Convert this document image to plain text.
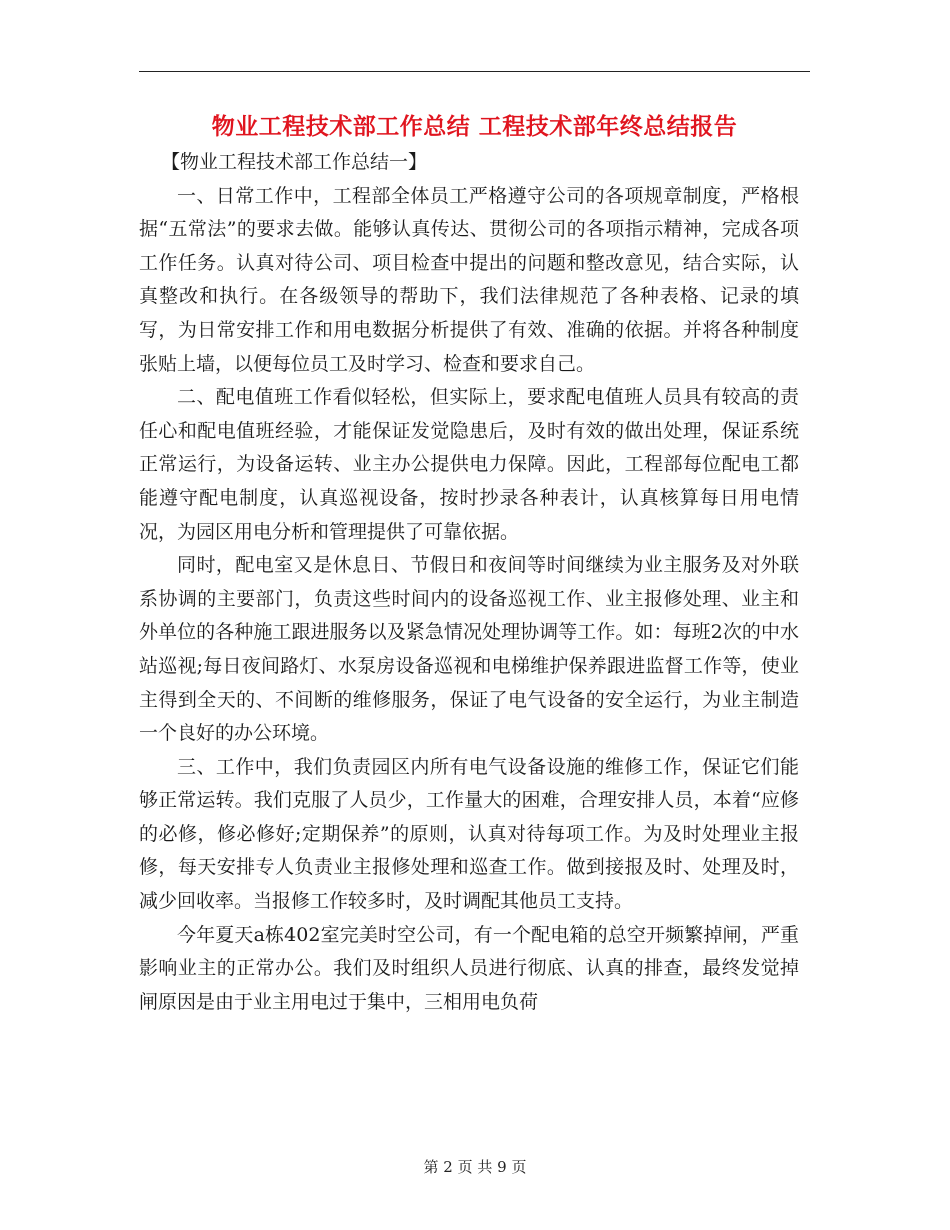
物业工程技术部工作总结 工程技术部年终总结报告

【物业工程技术部工作总结一】

一、日常工作中，工程部全体员工严格遵守公司的各项规章制度，严格根据“五常法”的要求去做。能够认真传达、贯彻公司的各项指示精神，完成各项工作任务。认真对待公司、项目检查中提出的问题和整改意见，结合实际，认真整改和执行。在各级领导的帮助下，我们法律规范了各种表格、记录的填写，为日常安排工作和用电数据分析提供了有效、准确的依据。并将各种制度张贴上墙，以便每位员工及时学习、检查和要求自己。

二、配电值班工作看似轻松，但实际上，要求配电值班人员具有较高的责任心和配电值班经验，才能保证发觉隐患后，及时有效的做出处理，保证系统正常运行，为设备运转、业主办公提供电力保障。因此，工程部每位配电工都能遵守配电制度，认真巡视设备，按时抄录各种表计，认真核算每日用电情况，为园区用电分析和管理提供了可靠依据。

同时，配电室又是休息日、节假日和夜间等时间继续为业主服务及对外联系协调的主要部门，负责这些时间内的设备巡视工作、业主报修处理、业主和外单位的各种施工跟进服务以及紧急情况处理协调等工作。如：每班2次的中水站巡视;每日夜间路灯、水泵房设备巡视和电梯维护保养跟进监督工作等，使业主得到全天的、不间断的维修服务，保证了电气设备的安全运行，为业主制造一个良好的办公环境。

三、工作中，我们负责园区内所有电气设备设施的维修工作，保证它们能够正常运转。我们克服了人员少，工作量大的困难，合理安排人员，本着“应修的必修，修必修好;定期保养”的原则，认真对待每项工作。为及时处理业主报修，每天安排专人负责业主报修处理和巡查工作。做到接报及时、处理及时，减少回收率。当报修工作较多时，及时调配其他员工支持。

今年夏天a栋402室完美时空公司，有一个配电箱的总空开频繁掉闸，严重影响业主的正常办公。我们及时组织人员进行彻底、认真的排查，最终发觉掉闸原因是由于业主用电过于集中，三相用电负荷

第 2 页 共 9 页
